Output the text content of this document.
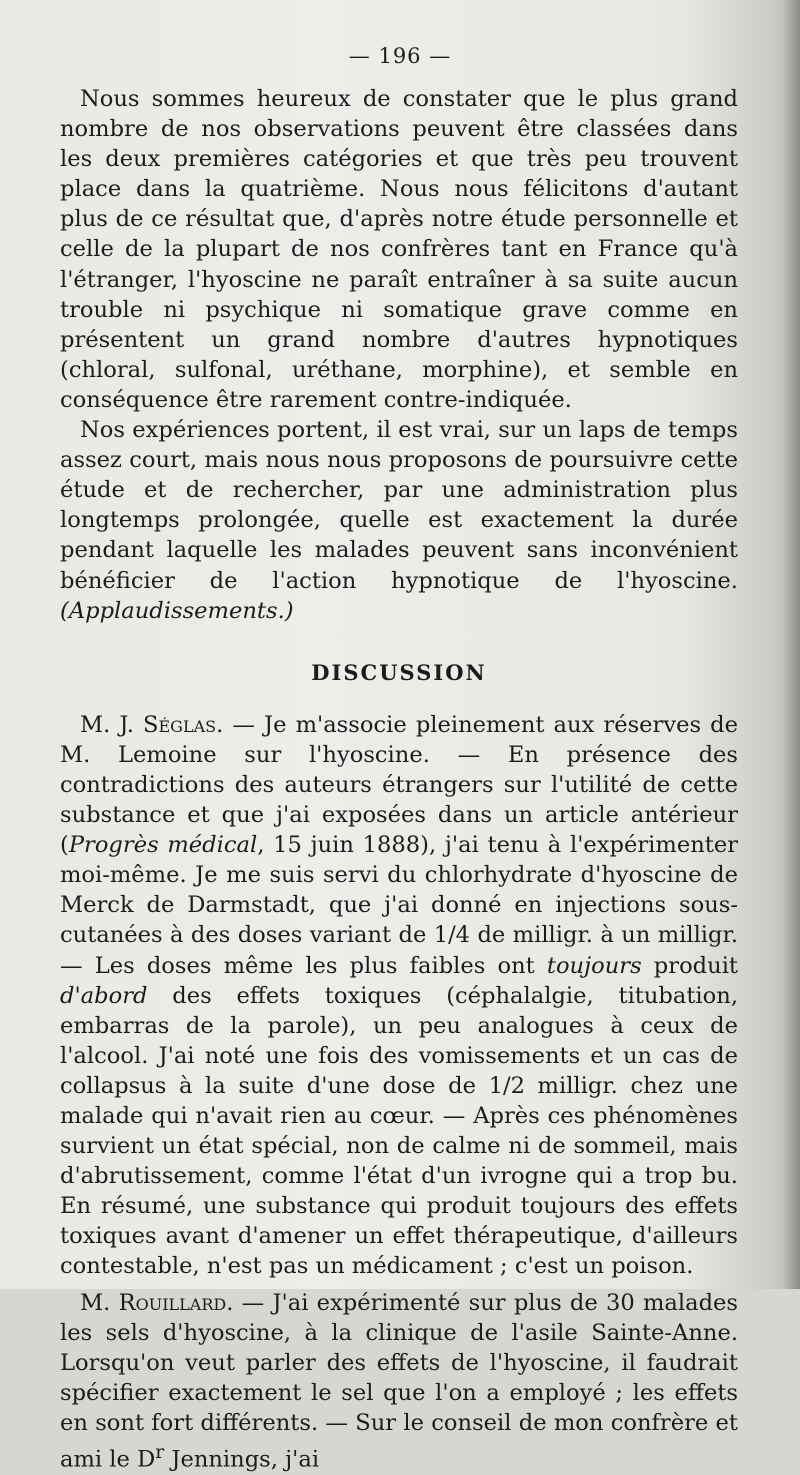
— 196 —

Nous sommes heureux de constater que le plus grand nombre de nos observations peuvent être classées dans les deux premières catégories et que très peu trouvent place dans la quatrième. Nous nous félicitons d'autant plus de ce résultat que, d'après notre étude personnelle et celle de la plupart de nos confrères tant en France qu'à l'étranger, l'hyoscine ne paraît entraîner à sa suite aucun trouble ni psychique ni somatique grave comme en présentent un grand nombre d'autres hypnotiques (chloral, sulfonal, uréthane, morphine), et semble en conséquence être rarement contre-indiquée.

Nos expériences portent, il est vrai, sur un laps de temps assez court, mais nous nous proposons de poursuivre cette étude et de rechercher, par une administration plus longtemps prolongée, quelle est exactement la durée pendant laquelle les malades peuvent sans inconvénient bénéficier de l'action hypnotique de l'hyoscine. (Applaudissements.)

DISCUSSION

M. J. Séglas. — Je m'associe pleinement aux réserves de M. Lemoine sur l'hyoscine. — En présence des contradictions des auteurs étrangers sur l'utilité de cette substance et que j'ai exposées dans un article antérieur (Progrès médical, 15 juin 1888), j'ai tenu à l'expérimenter moi-même. Je me suis servi du chlorhydrate d'hyoscine de Merck de Darmstadt, que j'ai donné en injections sous-cutanées à des doses variant de 1/4 de milligr. à un milligr. — Les doses même les plus faibles ont toujours produit d'abord des effets toxiques (céphalalgie, titubation, embarras de la parole), un peu analogues à ceux de l'alcool. J'ai noté une fois des vomissements et un cas de collapsus à la suite d'une dose de 1/2 milligr. chez une malade qui n'avait rien au cœur. — Après ces phénomènes survient un état spécial, non de calme ni de sommeil, mais d'abrutissement, comme l'état d'un ivrogne qui a trop bu. En résumé, une substance qui produit toujours des effets toxiques avant d'amener un effet thérapeutique, d'ailleurs contestable, n'est pas un médicament ; c'est un poison.

M. Rouillard. — J'ai expérimenté sur plus de 30 malades les sels d'hyoscine, à la clinique de l'asile Sainte-Anne. Lorsqu'on veut parler des effets de l'hyoscine, il faudrait spécifier exactement le sel que l'on a employé ; les effets en sont fort différents. — Sur le conseil de mon confrère et ami le $D^r$ Jennings, j'ai
